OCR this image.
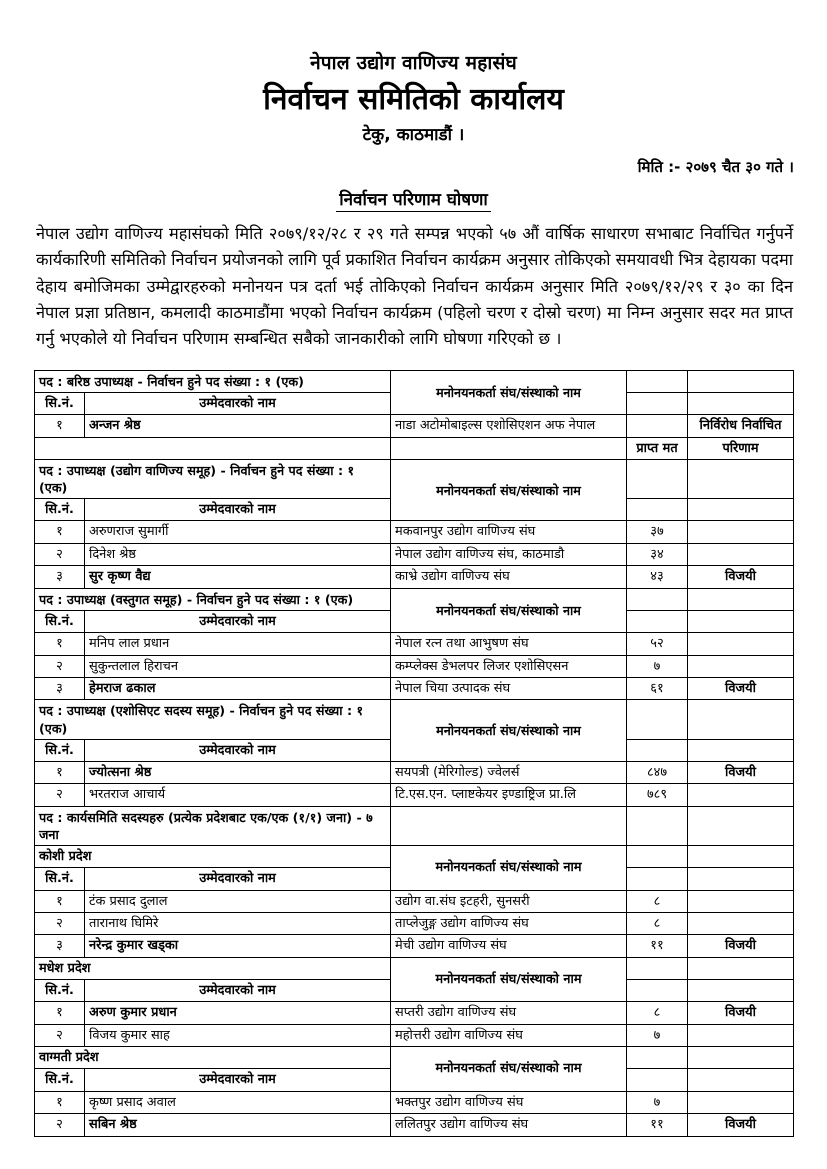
नेपाल उद्योग वाणिज्य महासंघ
निर्वाचन समितिको कार्यालय
टेकु, काठमाडौं ।
मिति :- २०७९ चैत ३० गते ।
निर्वाचन परिणाम घोषणा
नेपाल उद्योग वाणिज्य महासंघको मिति २०७९/१२/२८ र २९ गते सम्पन्न भएको ५७ औं वार्षिक साधारण सभाबाट निर्वाचित गर्नुपर्ने कार्यकारिणी समितिको निर्वाचन प्रयोजनको लागि पूर्व प्रकाशित निर्वाचन कार्यक्रम अनुसार तोकिएको समयावधी भित्र देहायका पदमा देहाय बमोजिमका उम्मेद्वारहरुको मनोनयन पत्र दर्ता भई तोकिएको निर्वाचन कार्यक्रम अनुसार मिति २०७९/१२/२९ र ३० का दिन नेपाल प्रज्ञा प्रतिष्ठान, कमलादी काठमाडौंमा भएको निर्वाचन कार्यक्रम (पहिलो चरण र दोस्रो चरण) मा निम्न अनुसार सदर मत प्राप्त गर्नु भएकोले यो निर्वाचन परिणाम सम्बन्धित सबैको जानकारीको लागि घोषणा गरिएको छ ।
पद : बरिष्ठ उपाध्यक्ष - निर्वाचन हुने पद संख्या : १ (एक)		मनोनयनकर्ता संघ/संस्थाको नाम		
सि.नं.	उम्मेदवारको नाम			
१	अन्जन श्रेष्ठ	नाडा अटोमोबाइल्स एशोसिएशन अफ नेपाल		निर्विरोध निर्वाचित
			प्राप्त मत	परिणाम
पद : उपाध्यक्ष (उद्योग वाणिज्य समूह) - निर्वाचन हुने पद संख्या : १ (एक)		मनोनयनकर्ता संघ/संस्थाको नाम		
सि.नं.	उम्मेदवारको नाम			
१	अरुणराज सुमार्गी	मकवानपुर उद्योग वाणिज्य संघ	३७	
२	दिनेश श्रेष्ठ	नेपाल उद्योग वाणिज्य संघ, काठमाडौ	३४	
३	सुर कृष्ण वैद्य	काभ्रे उद्योग वाणिज्य संघ	४३	विजयी
पद : उपाध्यक्ष (वस्तुगत समूह) - निर्वाचन हुने पद संख्या : १ (एक)		मनोनयनकर्ता संघ/संस्थाको नाम		
सि.नं.	उम्मेदवारको नाम			
१	मनिप लाल प्रधान	नेपाल रत्न तथा आभुषण संघ	५२	
२	सुकुन्तलाल हिराचन	कम्प्लेक्स डेभलपर लिजर एशोसिएसन	७	
३	हेमराज ढकाल	नेपाल चिया उत्पादक संघ	६१	विजयी
पद : उपाध्यक्ष (एशोसिएट सदस्य समूह) - निर्वाचन हुने पद संख्या : १ (एक)		मनोनयनकर्ता संघ/संस्थाको नाम		
सि.नं.	उम्मेदवारको नाम			
१	ज्योत्सना श्रेष्ठ	सयपत्री (मेरिगोल्ड) ज्वेलर्स	८४७	विजयी
२	भरतराज आचार्य	टि.एस.एन. प्लाष्टकेयर इण्डाष्ट्रिज प्रा.लि	७८९	
पद : कार्यसमिति सदस्यहरु (प्रत्येक प्रदेशबाट एक/एक (१/१) जना) - ७ जना				
कोशी प्रदेश		मनोनयनकर्ता संघ/संस्थाको नाम		
सि.नं.	उम्मेदवारको नाम			
१	टंक प्रसाद दुलाल	उद्योग वा.संघ इटहरी, सुनसरी	८	
२	तारानाथ घिमिरे	ताप्लेजुङ्ग उद्योग वाणिज्य संघ	८	
३	नरेन्द्र कुमार खड्का	मेची उद्योग वाणिज्य संघ	११	विजयी
मधेश प्रदेश		मनोनयनकर्ता संघ/संस्थाको नाम		
सि.नं.	उम्मेदवारको नाम			
१	अरुण कुमार प्रधान	सप्तरी उद्योग वाणिज्य संघ	८	विजयी
२	विजय कुमार साह	महोत्तरी उद्योग वाणिज्य संघ	७	
वाग्मती प्रदेश		मनोनयनकर्ता संघ/संस्थाको नाम		
सि.नं.	उम्मेदवारको नाम			
१	कृष्ण प्रसाद अवाल	भक्तपुर उद्योग वाणिज्य संघ	७	
२	सबिन श्रेष्ठ	ललितपुर उद्योग वाणिज्य संघ	११	विजयी
